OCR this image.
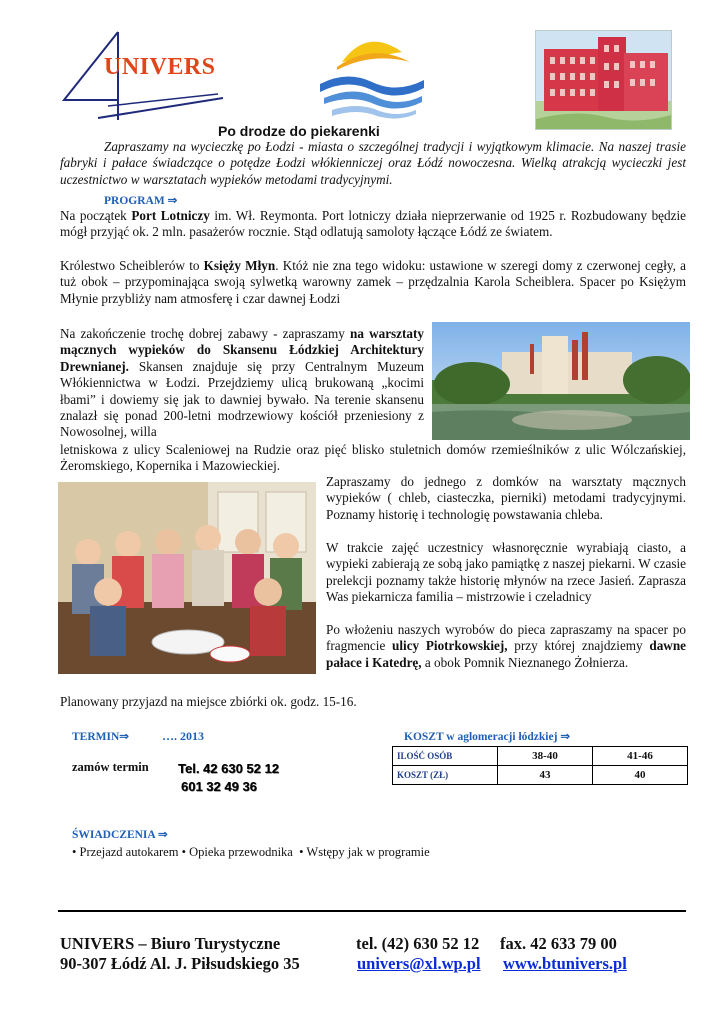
UNIVERS
Po drodze do piekarenki
Zapraszamy na wycieczkę po Łodzi - miasta o szczególnej tradycji i wyjątkowym klimacie. Na naszej trasie fabryki i pałace świadczące o potędze Łodzi włókienniczej oraz Łódź nowoczesna. Wielką atrakcją wycieczki jest uczestnictwo w warsztatach wypieków metodami tradycyjnymi.
PROGRAM ⇒
Na początek Port Lotniczy im. Wł. Reymonta. Port lotniczy działa nieprzerwanie od 1925 r. Rozbudowany będzie mógł przyjąć ok. 2 mln. pasażerów rocznie. Stąd odlatują samoloty łączące Łódź ze światem.
Królestwo Scheiblerów to Księży Młyn. Któż nie zna tego widoku: ustawione w szeregi domy z czerwonej cegły, a tuż obok – przypominająca swoją sylwetką warowny zamek – przędzalnia Karola Scheiblera. Spacer po Księżym Młynie przybliży nam atmosferę i czar dawnej Łodzi
Na zakończenie trochę dobrej zabawy - zapraszamy na warsztaty mącznych wypieków do Skansenu Łódzkiej Architektury Drewnianej. Skansen znajduje się przy Centralnym Muzeum Włókiennictwa w Łodzi. Przejdziemy ulicą brukowaną „kocimi łbami” i dowiemy się jak to dawniej bywało. Na terenie skansenu znalazł się ponad 200-letni modrzewiowy kościół przeniesiony z Nowosolnej, willa
letniskowa z ulicy Scaleniowej na Rudzie oraz pięć blisko stuletnich domów rzemieślników z ulic Wólczańskiej, Żeromskiego, Kopernika i Mazowieckiej.
Zapraszamy do jednego z domków na warsztaty mącznych wypieków ( chleb, ciasteczka, pierniki) metodami tradycyjnymi. Poznamy historię i technologię powstawania chleba.
W trakcie zajęć uczestnicy własnoręcznie wyrabiają ciasto, a wypieki zabierają ze sobą jako pamiątkę z naszej piekarni. W czasie prelekcji poznamy także historię młynów na rzece Jasień. Zaprasza Was piekarnicza familia – mistrzowie i czeladnicy
Po włożeniu naszych wyrobów do pieca zapraszamy na spacer po fragmencie ulicy Piotrkowskiej, przy której znajdziemy dawne pałace i Katedrę, a obok Pomnik Nieznanego Żołnierza.
Planowany przyjazd na miejsce zbiórki ok. godz. 15-16.
TERMIN⇒	…. 2013
zamów termin Tel. 42 630 52 12
601 32 49 36
KOSZT w aglomeracji łódzkiej ⇒
ILOŚĆ OSÓB	38-40	41-46
KOSZT (ZŁ)	43	40
ŚWIADCZENIA ⇒
• Przejazd autokarem • Opieka przewodnika • Wstępy jak w programie
UNIVERS – Biuro Turystyczne
90-307 Łódź Al. J. Piłsudskiego 35
tel. (42) 630 52 12 fax. 42 633 79 00
univers@xl.wp.pl www.btunivers.pl
